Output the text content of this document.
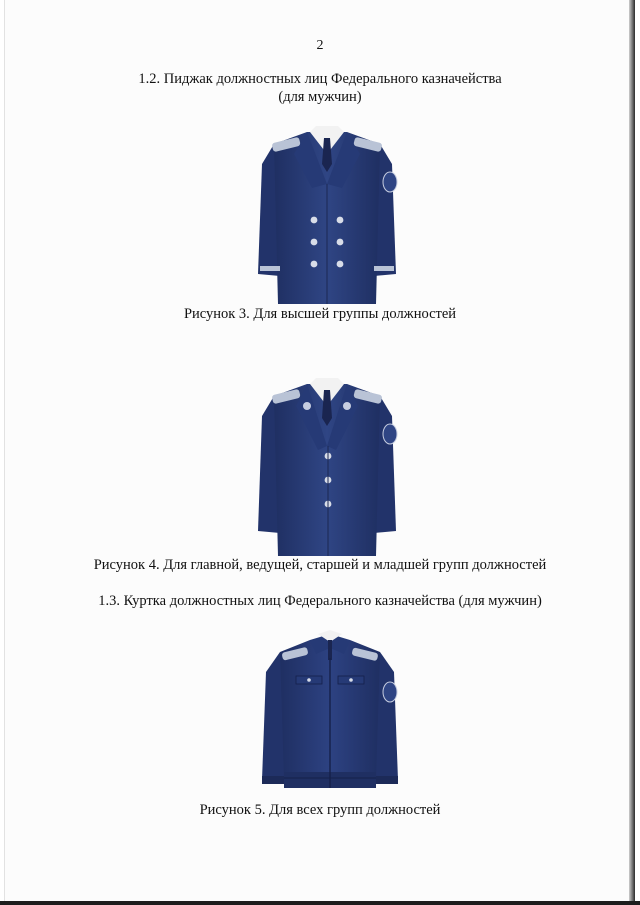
2
1.2. Пиджак должностных лиц Федерального казначейства
(для мужчин)
Рисунок 3. Для высшей группы должностей
Рисунок 4. Для главной, ведущей, старшей и младшей групп должностей
1.3. Куртка должностных лиц Федерального казначейства (для мужчин)
Рисунок 5. Для всех групп должностей
